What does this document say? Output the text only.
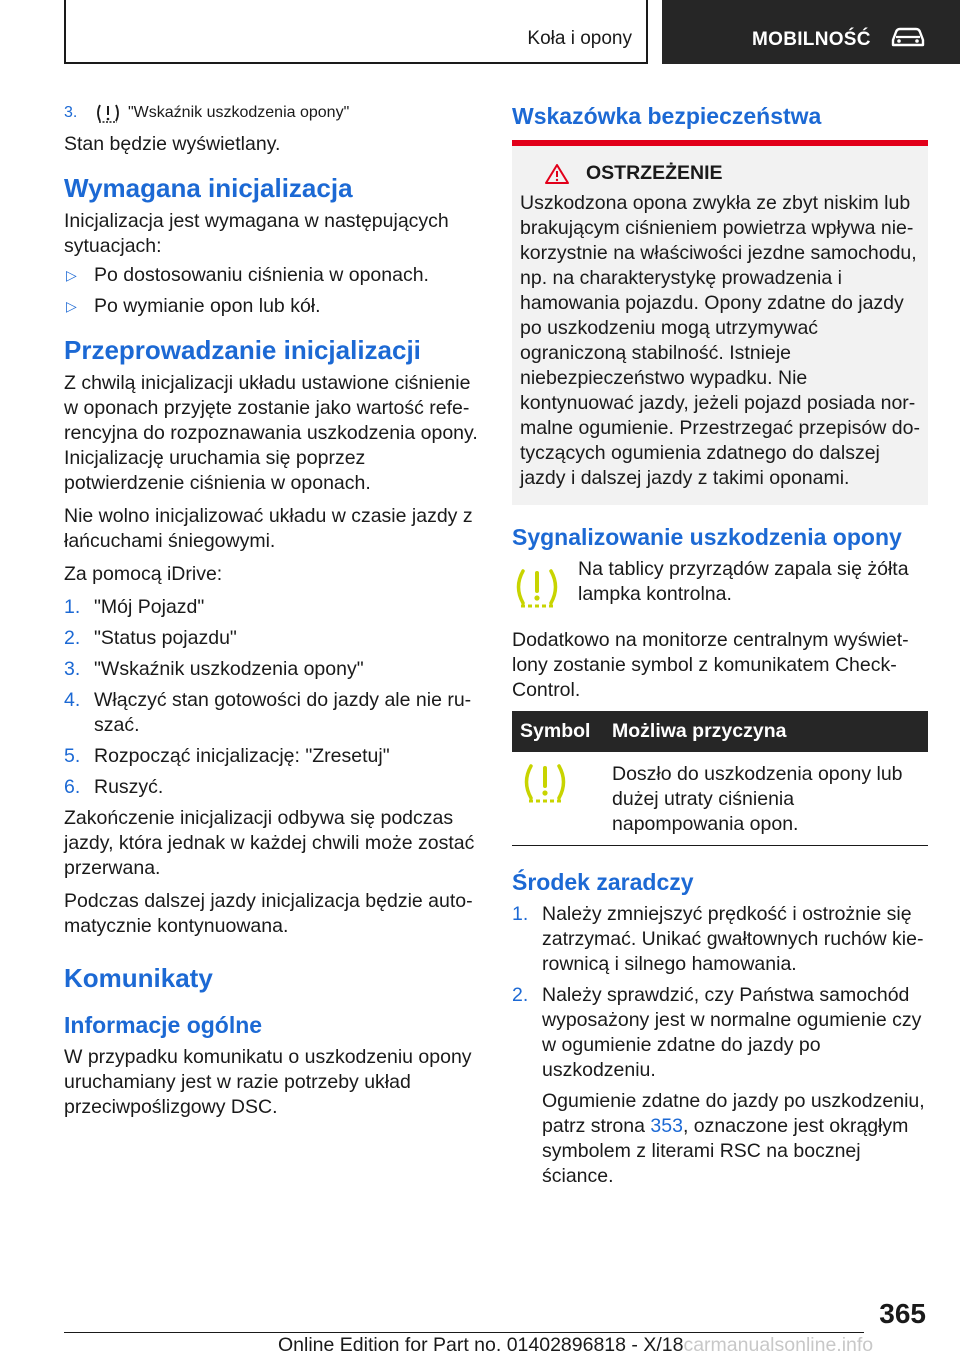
Koła i opony	MOBILNOŚĆ
3.	"Wskaźnik uszkodzenia opony"

Stan będzie wyświetlany.

Wymagana inicjalizacja

Inicjalizacja jest wymagana w następujących sytuacjach:

▷ Po dostosowaniu ciśnienia w oponach.
▷ Po wymianie opon lub kół.
Przeprowadzanie inicjalizacji

Z chwilą inicjalizacji układu ustawione ciśnienie w oponach przyjęte zostanie jako wartość referencyjna do rozpoznawania uszkodzenia opony. Inicjalizację uruchamia się poprzez potwierdzenie ciśnienia w oponach.

Nie wolno inicjalizować układu w czasie jazdy z łańcuchami śniegowymi.

Za pomocą iDrive:

1. "Mój Pojazd"
2. "Status pojazdu"
3. "Wskaźnik uszkodzenia opony"
4. Włączyć stan gotowości do jazdy ale nie ruszać.
5. Rozpocząć inicjalizację: "Zresetuj"
6. Ruszyć.

Zakończenie inicjalizacji odbywa się podczas jazdy, która jednak w każdej chwili może zostać przerwana.

Podczas dalszej jazdy inicjalizacja będzie automatycznie kontynuowana.

Komunikaty
Informacje ogólne

W przypadku komunikatu o uszkodzeniu opony uruchamiany jest w razie potrzeby układ przeciwpoślizgowy DSC.

Wskazówka bezpieczeństwa
OSTRZEŻENIE

Uszkodzona opona zwykła ze zbyt niskim lub brakującym ciśnieniem powietrza wpływa niekorzystnie na właściwości jezdne samochodu, np. na charakterystykę prowadzenia i hamowania pojazdu. Opony zdatne do jazdy po uszkodzeniu mogą utrzymywać ograniczoną stabilność. Istnieje niebezpieczeństwo wypadku. Nie kontynuować jazdy, jeżeli pojazd posiada normalne ogumienie. Przestrzegać przepisów dotyczących ogumienia zdatnego do dalszej jazdy i dalszej jazdy z takimi oponami.

Sygnalizowanie uszkodzenia opony

Na tablicy przyrządów zapala się żółta lampka kontrolna.

Dodatkowo na monitorze centralnym wyświetlony zostanie symbol z komunikatem Check-Control.

Symbol	Możliwa przyczyna
	Doszło do uszkodzenia opony lub dużej utraty ciśnienia napompowania opon.
Środek zaradczy
1. Należy zmniejszyć prędkość i ostrożnie się zatrzymać. Unikać gwałtownych ruchów kierownicą i silnego hamowania.
2. Należy sprawdzić, czy Państwa samochód wyposażony jest w normalne ogumienie czy w ogumienie zdatne do jazdy po uszkodzeniu.

Ogumienie zdatne do jazdy po uszkodzeniu, patrz strona 353, oznaczone jest okrągłym symbolem z literami RSC na bocznej ściance.

365
Online Edition for Part no. 01402896818 - X/18carmanualsonline.info
